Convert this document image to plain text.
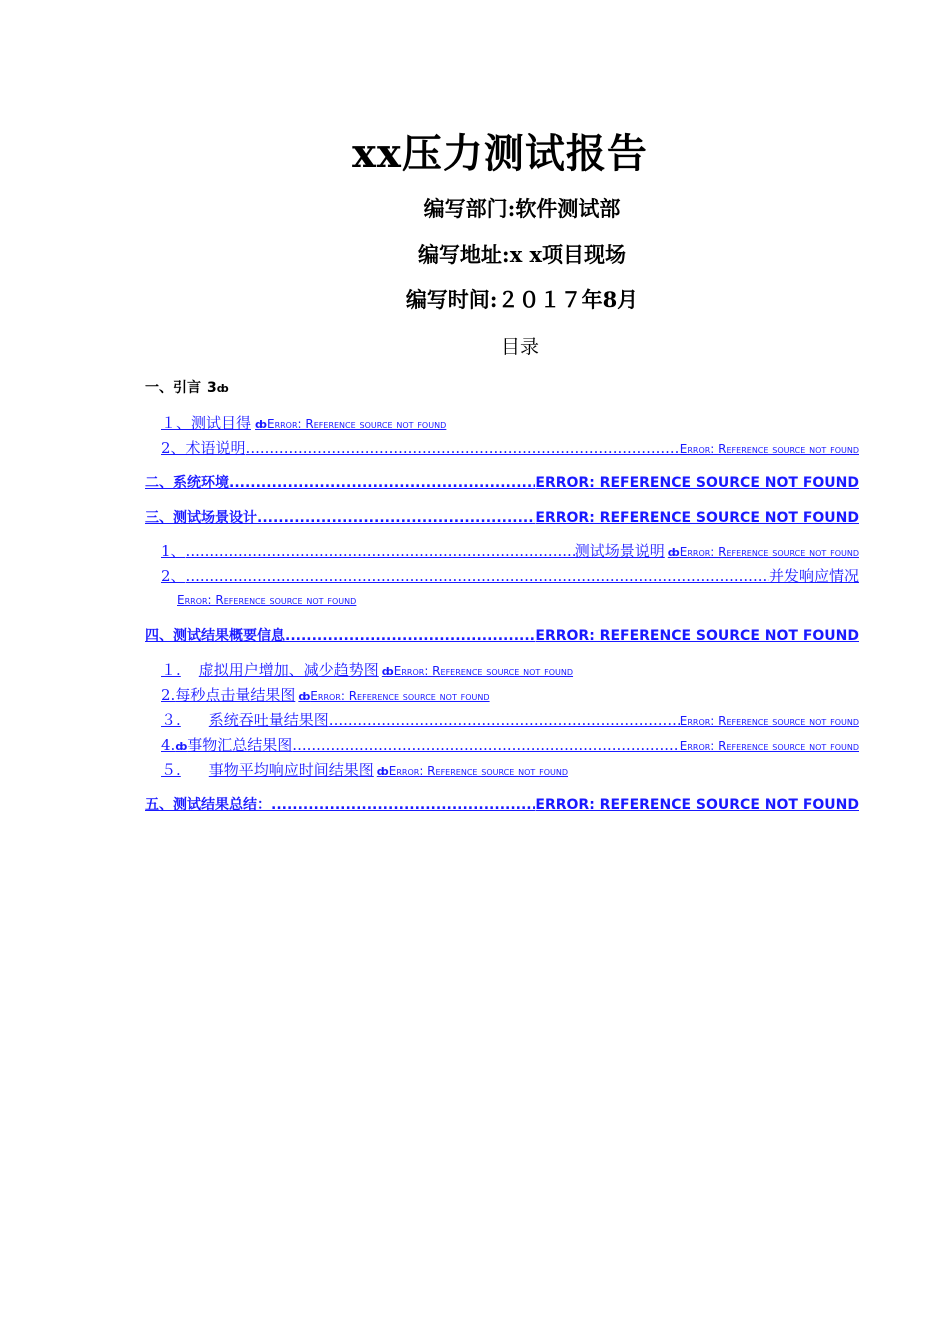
xx压力测试报告
编写部门:软件测试部
编写地址:x x项目现场
编写时间:２０１７年8月
目录
一、引言 3 ȸ
１、测试目得 ȸError: Reference source not found
2、术语说明 .....	Error: Reference source not found
二、系统环境 .....	ERROR: REFERENCE SOURCE NOT FOUND
三、测试场景设计 .....	ERROR: REFERENCE SOURCE NOT FOUND
1、 .....	测试场景说明 ȸError: Reference source not found
2、 .....	并发响应情况
Error: Reference source not found
四、测试结果概要信息 .....	ERROR: REFERENCE SOURCE NOT FOUND
１.	虚拟用户增加、减少趋势图 ȸError: Reference source not found
2. 每秒点击量结果图 ȸError: Reference source not found
３.	系统吞吐量结果图 .....	Error: Reference source not found
4. ȸ 事物汇总结果图 .....	Error: Reference source not found
５.	事物平均响应时间结果图 ȸError: Reference source not found
五、测试结果总结： .....	ERROR: REFERENCE SOURCE NOT FOUND
